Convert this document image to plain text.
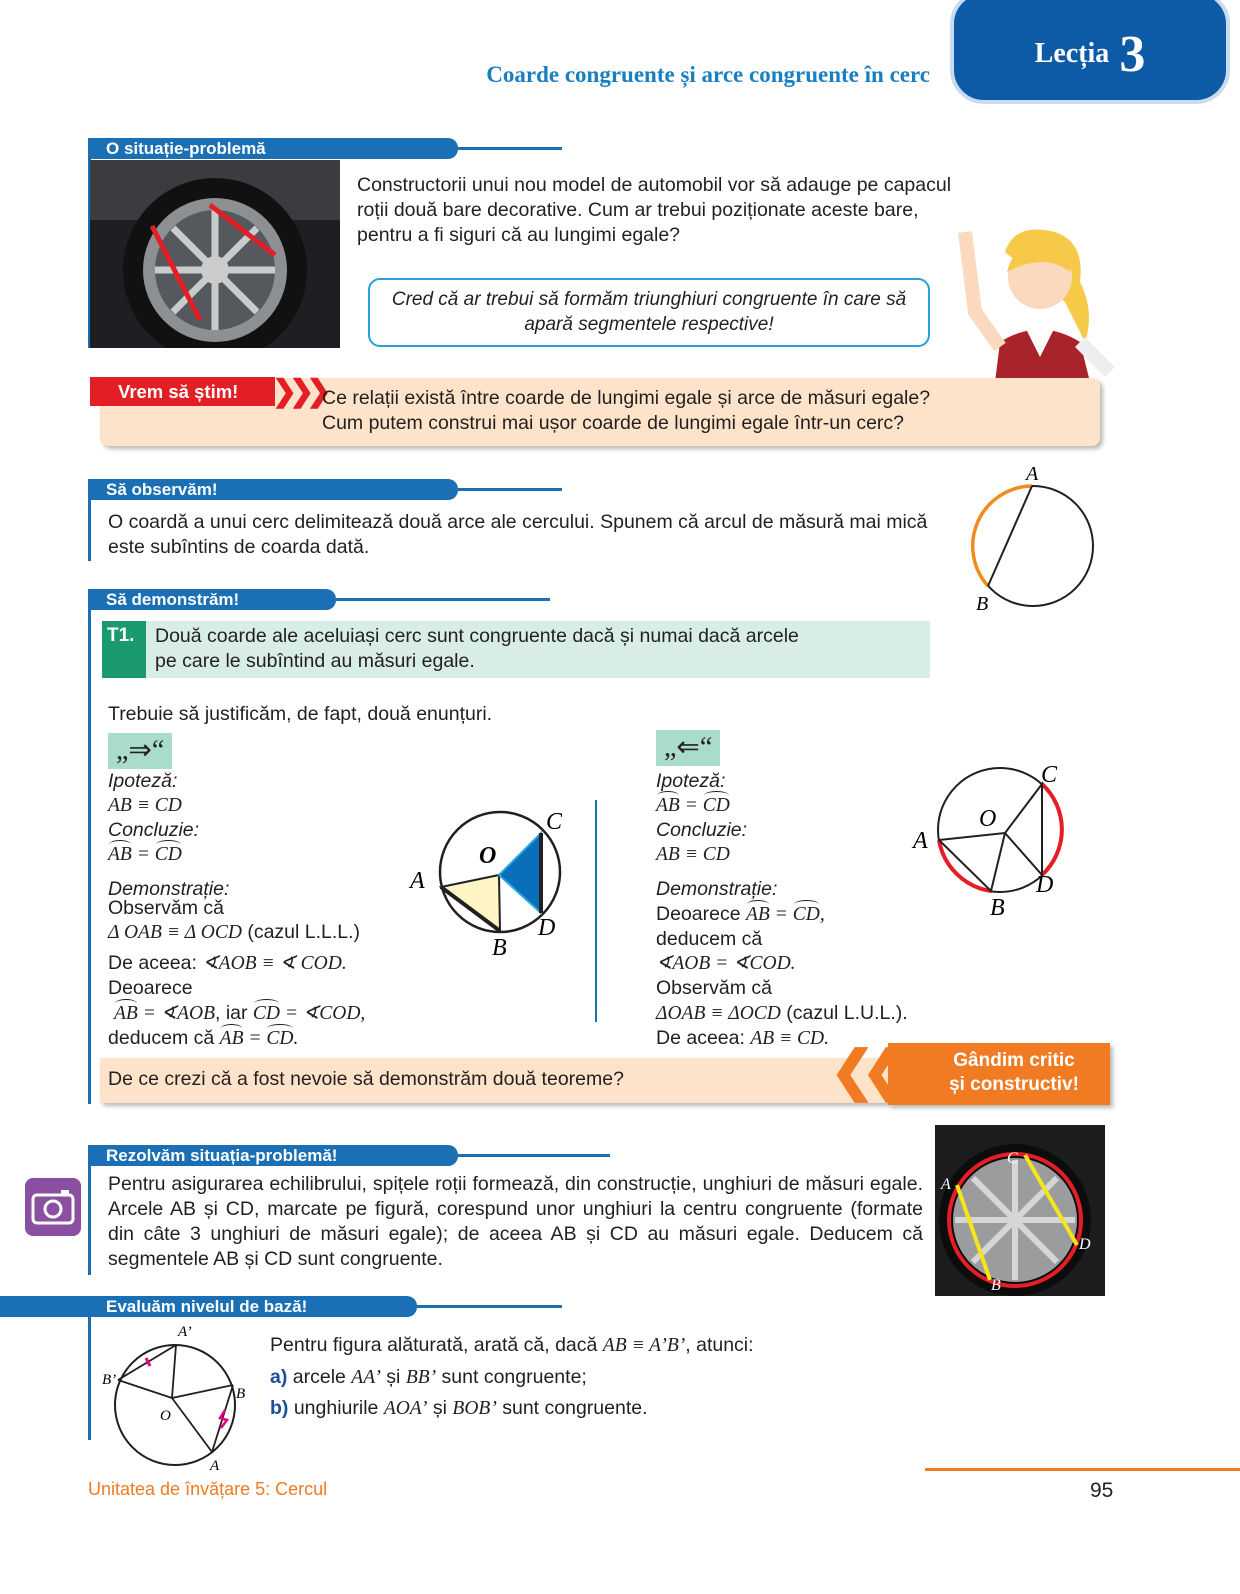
Coarde congruente și arce congruente în cerc
Lecția 3
O situație-problemă
Constructorii unui nou model de automobil vor să adauge pe capacul roții două bare decorative. Cum ar trebui poziționate aceste bare, pentru a fi siguri că au lungimi egale?
Cred că ar trebui să formăm triunghiuri congruente în care să apară segmentele respective!
Vrem să știm!	❯❯❯
Ce relații există între coarde de lungimi egale și arce de măsuri egale?
Cum putem construi mai ușor coarde de lungimi egale într-un cerc?
Să observăm!
O coardă a unui cerc delimitează două arce ale cercului. Spunem că arcul de măsură mai mică este subîntins de coarda dată.
A
B
Să demonstrăm!
T1.	Două coarde ale aceluiași cerc sunt congruente dacă și numai dacă arcele
pe care le subîntind au măsuri egale.
Trebuie să justificăm, de fapt, două enunțuri.
„⇒“
Ipoteză:
AB ≡ CD
Concluzie:
AB = CD
Demonstrație:
Observăm că
Δ OAB ≡ Δ OCD (cazul L.L.L.)
De aceea: ∢AOB ≡ ∢ COD.
Deoarece
AB = ∢AOB, iar CD = ∢COD,
deducem că AB = CD.
A
B
C
D
O
„⇐“
Ipoteză:
AB = CD
Concluzie:
AB ≡ CD
Demonstrație:
Deoarece AB = CD,
deducem că
∢AOB = ∢COD.
Observăm că
ΔOAB ≡ ΔOCD (cazul L.U.L.).
De aceea: AB ≡ CD.
A
B
C
D
O
De ce crezi că a fost nevoie să demonstrăm două teoreme?
Gândim critic
și constructiv!
❮❮
Rezolvăm situația-problemă!
Pentru asigurarea echilibrului, spițele roții formează, din construcție, unghiuri de măsuri egale. Arcele AB și CD, marcate pe figură, corespund unor unghiuri la centru congruente (formate din câte 3 unghiuri de măsuri egale); de aceea AB și CD au măsuri egale. Deducem că segmentele AB și CD sunt congruente.
A
B
C
D
Evaluăm nivelul de bază!
A’
B’
B
A
O
Pentru figura alăturată, arată că, dacă AB ≡ A’B’, atunci:
a) arcele AA’ și BB’ sunt congruente;
b) unghiurile AOA’ și BOB’ sunt congruente.
Unitatea de învățare 5: Cercul	95
